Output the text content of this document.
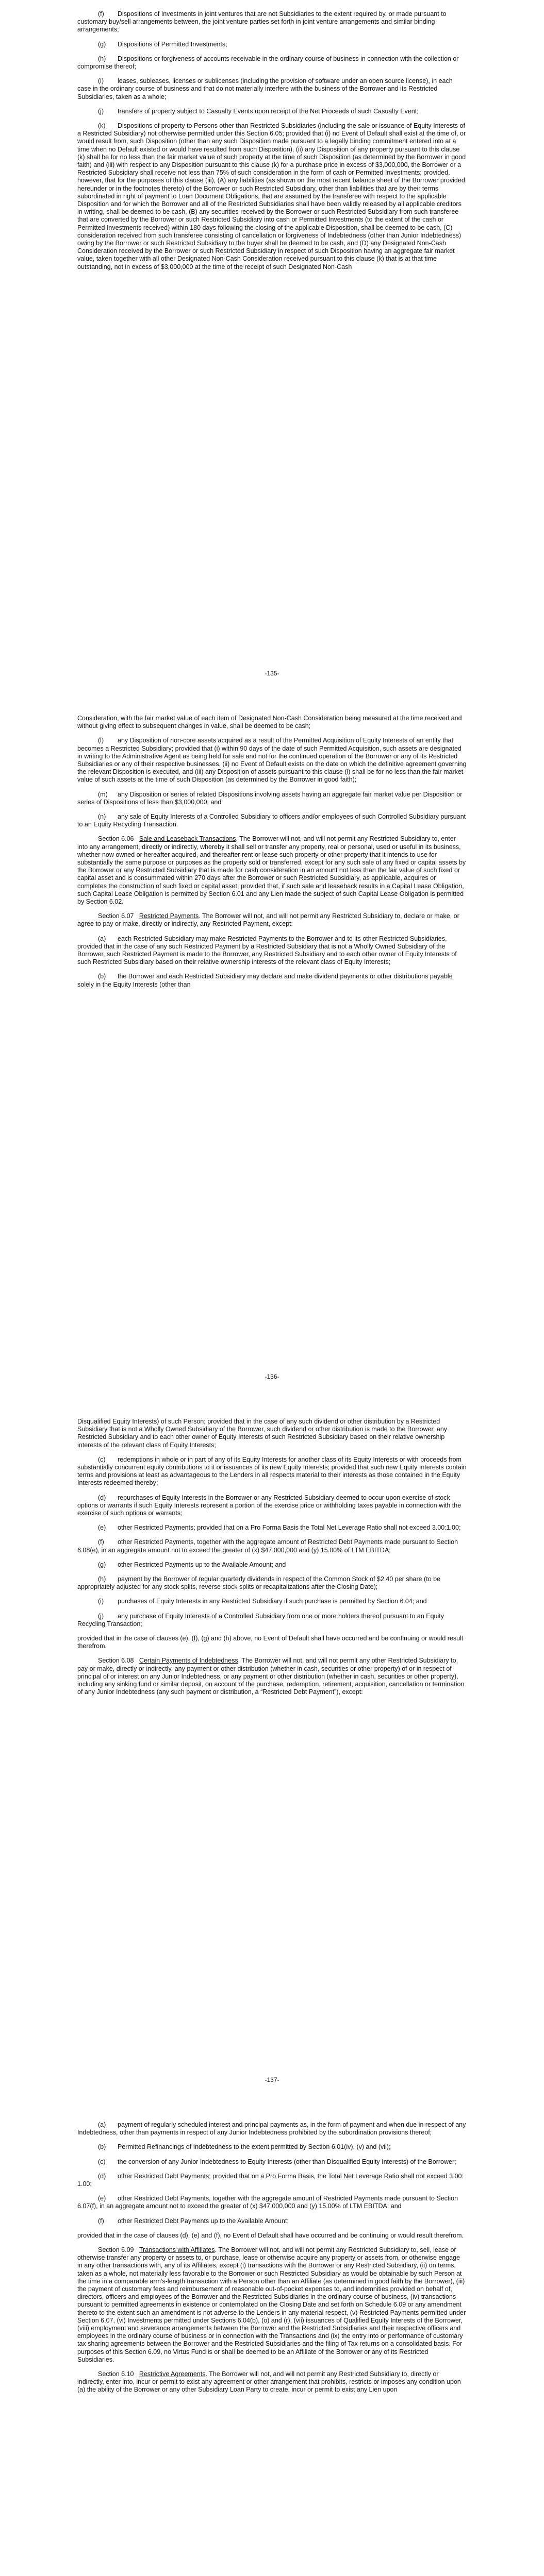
(f) Dispositions of Investments in joint ventures that are not Subsidiaries to the extent required by, or made pursuant to customary buy/sell arrangements between, the joint venture parties set forth in joint venture arrangements and similar binding arrangements;

(g) Dispositions of Permitted Investments;

(h) Dispositions or forgiveness of accounts receivable in the ordinary course of business in connection with the collection or compromise thereof;

(i) leases, subleases, licenses or sublicenses (including the provision of software under an open source license), in each case in the ordinary course of business and that do not materially interfere with the business of the Borrower and its Restricted Subsidiaries, taken as a whole;

(j) transfers of property subject to Casualty Events upon receipt of the Net Proceeds of such Casualty Event;

(k) Dispositions of property to Persons other than Restricted Subsidiaries (including the sale or issuance of Equity Interests of a Restricted Subsidiary) not otherwise permitted under this Section 6.05; provided that (i) no Event of Default shall exist at the time of, or would result from, such Disposition (other than any such Disposition made pursuant to a legally binding commitment entered into at a time when no Default existed or would have resulted from such Disposition), (ii) any Disposition of any property pursuant to this clause (k) shall be for no less than the fair market value of such property at the time of such Disposition (as determined by the Borrower in good faith) and (iii) with respect to any Disposition pursuant to this clause (k) for a purchase price in excess of $3,000,000, the Borrower or a Restricted Subsidiary shall receive not less than 75% of such consideration in the form of cash or Permitted Investments; provided, however, that for the purposes of this clause (iii), (A) any liabilities (as shown on the most recent balance sheet of the Borrower provided hereunder or in the footnotes thereto) of the Borrower or such Restricted Subsidiary, other than liabilities that are by their terms subordinated in right of payment to Loan Document Obligations, that are assumed by the transferee with respect to the applicable Disposition and for which the Borrower and all of the Restricted Subsidiaries shall have been validly released by all applicable creditors in writing, shall be deemed to be cash, (B) any securities received by the Borrower or such Restricted Subsidiary from such transferee that are converted by the Borrower or such Restricted Subsidiary into cash or Permitted Investments (to the extent of the cash or Permitted Investments received) within 180 days following the closing of the applicable Disposition, shall be deemed to be cash, (C) consideration received from such transferee consisting of cancellation or forgiveness of Indebtedness (other than Junior Indebtedness) owing by the Borrower or such Restricted Subsidiary to the buyer shall be deemed to be cash, and (D) any Designated Non-Cash Consideration received by the Borrower or such Restricted Subsidiary in respect of such Disposition having an aggregate fair market value, taken together with all other Designated Non-Cash Consideration received pursuant to this clause (k) that is at that time outstanding, not in excess of $3,000,000 at the time of the receipt of such Designated Non-Cash

-135-

Consideration, with the fair market value of each item of Designated Non-Cash Consideration being measured at the time received and without giving effect to subsequent changes in value, shall be deemed to be cash;

(l) any Disposition of non-core assets acquired as a result of the Permitted Acquisition of Equity Interests of an entity that becomes a Restricted Subsidiary; provided that (i) within 90 days of the date of such Permitted Acquisition, such assets are designated in writing to the Administrative Agent as being held for sale and not for the continued operation of the Borrower or any of its Restricted Subsidiaries or any of their respective businesses, (ii) no Event of Default exists on the date on which the definitive agreement governing the relevant Disposition is executed, and (iii) any Disposition of assets pursuant to this clause (l) shall be for no less than the fair market value of such assets at the time of such Disposition (as determined by the Borrower in good faith);

(m) any Disposition or series of related Dispositions involving assets having an aggregate fair market value per Disposition or series of Dispositions of less than $3,000,000; and

(n) any sale of Equity Interests of a Controlled Subsidiary to officers and/or employees of such Controlled Subsidiary pursuant to an Equity Recycling Transaction.

Section 6.06 Sale and Leaseback Transactions. The Borrower will not, and will not permit any Restricted Subsidiary to, enter into any arrangement, directly or indirectly, whereby it shall sell or transfer any property, real or personal, used or useful in its business, whether now owned or hereafter acquired, and thereafter rent or lease such property or other property that it intends to use for substantially the same purpose or purposes as the property sold or transferred, except for any such sale of any fixed or capital assets by the Borrower or any Restricted Subsidiary that is made for cash consideration in an amount not less than the fair value of such fixed or capital asset and is consummated within 270 days after the Borrower or such Restricted Subsidiary, as applicable, acquires or completes the construction of such fixed or capital asset; provided that, if such sale and leaseback results in a Capital Lease Obligation, such Capital Lease Obligation is permitted by Section 6.01 and any Lien made the subject of such Capital Lease Obligation is permitted by Section 6.02.

Section 6.07 Restricted Payments. The Borrower will not, and will not permit any Restricted Subsidiary to, declare or make, or agree to pay or make, directly or indirectly, any Restricted Payment, except:

(a) each Restricted Subsidiary may make Restricted Payments to the Borrower and to its other Restricted Subsidiaries, provided that in the case of any such Restricted Payment by a Restricted Subsidiary that is not a Wholly Owned Subsidiary of the Borrower, such Restricted Payment is made to the Borrower, any Restricted Subsidiary and to each other owner of Equity Interests of such Restricted Subsidiary based on their relative ownership interests of the relevant class of Equity Interests;

(b) the Borrower and each Restricted Subsidiary may declare and make dividend payments or other distributions payable solely in the Equity Interests (other than

-136-

Disqualified Equity Interests) of such Person; provided that in the case of any such dividend or other distribution by a Restricted Subsidiary that is not a Wholly Owned Subsidiary of the Borrower, such dividend or other distribution is made to the Borrower, any Restricted Subsidiary and to each other owner of Equity Interests of such Restricted Subsidiary based on their relative ownership interests of the relevant class of Equity Interests;

(c) redemptions in whole or in part of any of its Equity Interests for another class of its Equity Interests or with proceeds from substantially concurrent equity contributions to it or issuances of its new Equity Interests; provided that such new Equity Interests contain terms and provisions at least as advantageous to the Lenders in all respects material to their interests as those contained in the Equity Interests redeemed thereby;

(d) repurchases of Equity Interests in the Borrower or any Restricted Subsidiary deemed to occur upon exercise of stock options or warrants if such Equity Interests represent a portion of the exercise price or withholding taxes payable in connection with the exercise of such options or warrants;

(e) other Restricted Payments; provided that on a Pro Forma Basis the Total Net Leverage Ratio shall not exceed 3.00:1.00;

(f) other Restricted Payments, together with the aggregate amount of Restricted Debt Payments made pursuant to Section 6.08(e), in an aggregate amount not to exceed the greater of (x) $47,000,000 and (y) 15.00% of LTM EBITDA;

(g) other Restricted Payments up to the Available Amount; and

(h) payment by the Borrower of regular quarterly dividends in respect of the Common Stock of $2.40 per share (to be appropriately adjusted for any stock splits, reverse stock splits or recapitalizations after the Closing Date);

(i) purchases of Equity Interests in any Restricted Subsidiary if such purchase is permitted by Section 6.04; and

(j) any purchase of Equity Interests of a Controlled Subsidiary from one or more holders thereof pursuant to an Equity Recycling Transaction;

provided that in the case of clauses (e), (f), (g) and (h) above, no Event of Default shall have occurred and be continuing or would result therefrom.

Section 6.08 Certain Payments of Indebtedness. The Borrower will not, and will not permit any other Restricted Subsidiary to, pay or make, directly or indirectly, any payment or other distribution (whether in cash, securities or other property) of or in respect of principal of or interest on any Junior Indebtedness, or any payment or other distribution (whether in cash, securities or other property), including any sinking fund or similar deposit, on account of the purchase, redemption, retirement, acquisition, cancellation or termination of any Junior Indebtedness (any such payment or distribution, a “Restricted Debt Payment”), except:

-137-

(a) payment of regularly scheduled interest and principal payments as, in the form of payment and when due in respect of any Indebtedness, other than payments in respect of any Junior Indebtedness prohibited by the subordination provisions thereof;

(b) Permitted Refinancings of Indebtedness to the extent permitted by Section 6.01(iv), (v) and (vii);

(c) the conversion of any Junior Indebtedness to Equity Interests (other than Disqualified Equity Interests) of the Borrower;

(d) other Restricted Debt Payments; provided that on a Pro Forma Basis, the Total Net Leverage Ratio shall not exceed 3.00: 1.00;

(e) other Restricted Debt Payments, together with the aggregate amount of Restricted Payments made pursuant to Section 6.07(f), in an aggregate amount not to exceed the greater of (x) $47,000,000 and (y) 15.00% of LTM EBITDA; and

(f) other Restricted Debt Payments up to the Available Amount;

provided that in the case of clauses (d), (e) and (f), no Event of Default shall have occurred and be continuing or would result therefrom.

Section 6.09 Transactions with Affiliates. The Borrower will not, and will not permit any Restricted Subsidiary to, sell, lease or otherwise transfer any property or assets to, or purchase, lease or otherwise acquire any property or assets from, or otherwise engage in any other transactions with, any of its Affiliates, except (i) transactions with the Borrower or any Restricted Subsidiary, (ii) on terms, taken as a whole, not materially less favorable to the Borrower or such Restricted Subsidiary as would be obtainable by such Person at the time in a comparable arm’s-length transaction with a Person other than an Affiliate (as determined in good faith by the Borrower), (iii) the payment of customary fees and reimbursement of reasonable out-of-pocket expenses to, and indemnities provided on behalf of, directors, officers and employees of the Borrower and the Restricted Subsidiaries in the ordinary course of business, (iv) transactions pursuant to permitted agreements in existence or contemplated on the Closing Date and set forth on Schedule 6.09 or any amendment thereto to the extent such an amendment is not adverse to the Lenders in any material respect, (v) Restricted Payments permitted under Section 6.07, (vi) Investments permitted under Sections 6.04(b), (o) and (r), (vii) issuances of Qualified Equity Interests of the Borrower, (viii) employment and severance arrangements between the Borrower and the Restricted Subsidiaries and their respective officers and employees in the ordinary course of business or in connection with the Transactions and (ix) the entry into or performance of customary tax sharing agreements between the Borrower and the Restricted Subsidiaries and the filing of Tax returns on a consolidated basis. For purposes of this Section 6.09, no Virtus Fund is or shall be deemed to be an Affiliate of the Borrower or any of its Restricted Subsidiaries.

Section 6.10 Restrictive Agreements. The Borrower will not, and will not permit any Restricted Subsidiary to, directly or indirectly, enter into, incur or permit to exist any agreement or other arrangement that prohibits, restricts or imposes any condition upon (a) the ability of the Borrower or any other Subsidiary Loan Party to create, incur or permit to exist any Lien upon
